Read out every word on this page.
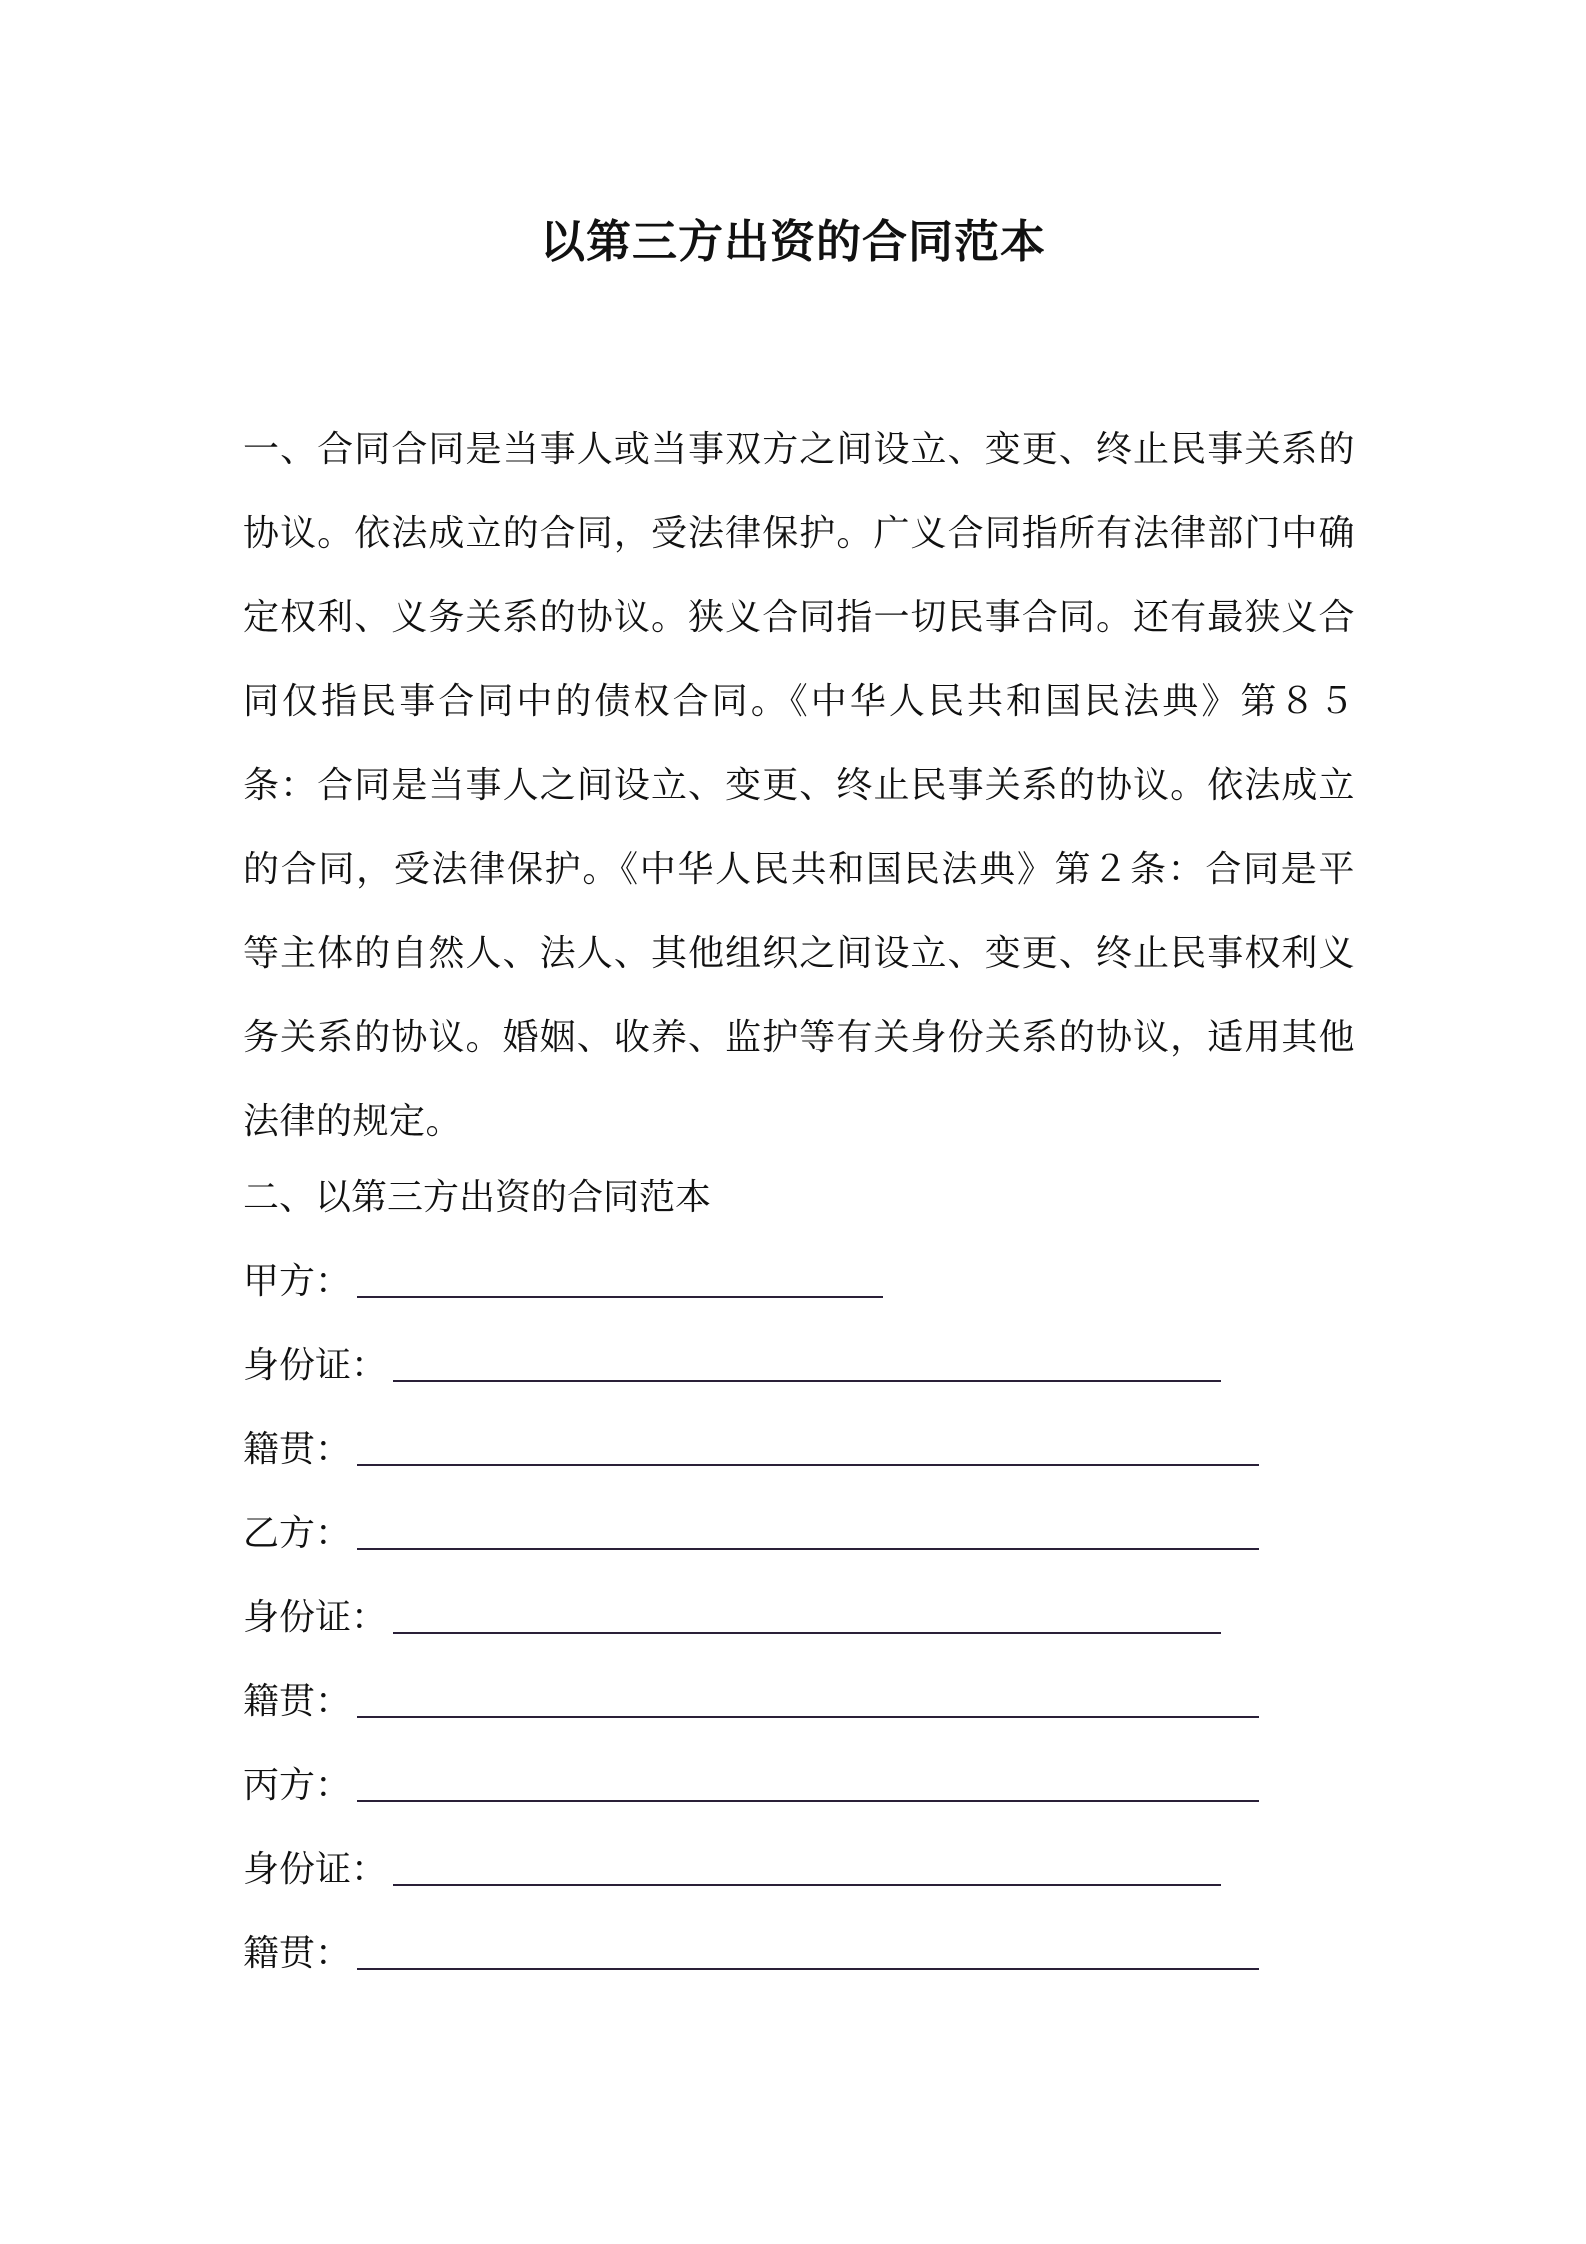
以第三方出资的合同范本
一、合同合同是当事人或当事双方之间设立、变更、终止民事关系的协议。依法成立的合同，受法律保护。广义合同指所有法律部门中确定权利、义务关系的协议。狭义合同指一切民事合同。还有最狭义合同仅指民事合同中的债权合同。《中华人民共和国民法典》第８５条：合同是当事人之间设立、变更、终止民事关系的协议。依法成立的合同，受法律保护。《中华人民共和国民法典》第２条：合同是平等主体的自然人、法人、其他组织之间设立、变更、终止民事权利义务关系的协议。婚姻、收养、监护等有关身份关系的协议，适用其他法律的规定。
二、以第三方出资的合同范本
甲方：
身份证：
籍贯：
乙方：
身份证：
籍贯：
丙方：
身份证：
籍贯：
